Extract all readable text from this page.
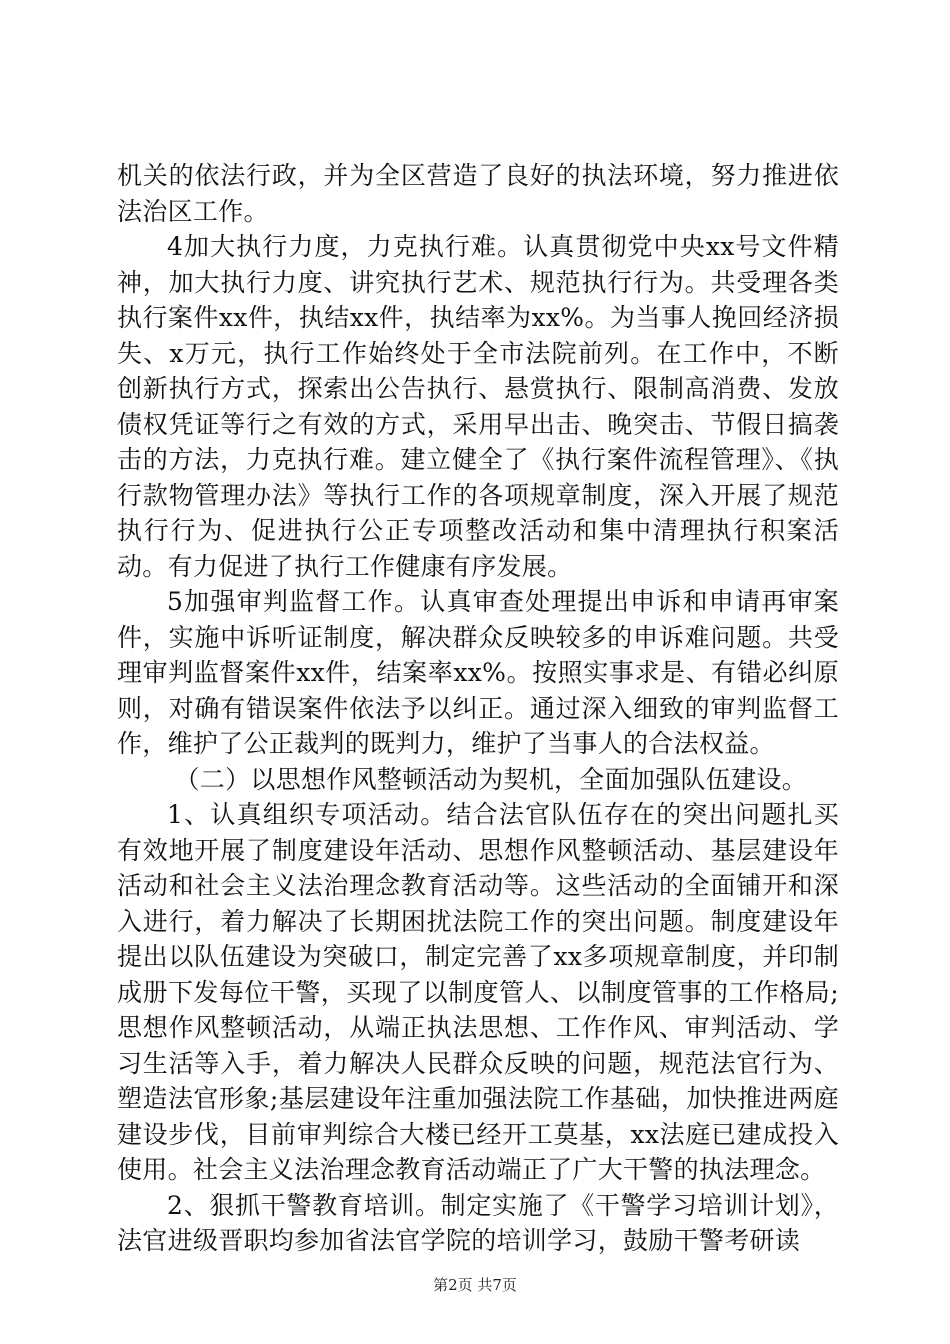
机关的依法行政，并为全区营造了良好的执法环境，努力推进依法治区工作。

4加大执行力度，力克执行难。认真贯彻党中央xx号文件精神，加大执行力度、讲究执行艺术、规范执行行为。共受理各类执行案件xx件，执结xx件，执结率为xx%。为当事人挽回经济损失、x万元，执行工作始终处于全市法院前列。在工作中，不断创新执行方式，探索出公告执行、悬赏执行、限制高消费、发放债权凭证等行之有效的方式，采用早出击、晚突击、节假日搞袭击的方法，力克执行难。建立健全了《执行案件流程管理》、《执行款物管理办法》等执行工作的各项规章制度，深入开展了规范执行行为、促进执行公正专项整改活动和集中清理执行积案活动。有力促进了执行工作健康有序发展。

5加强审判监督工作。认真审查处理提出申诉和申请再审案件，实施中诉听证制度，解决群众反映较多的申诉难问题。共受理审判监督案件xx件，结案率xx%。按照实事求是、有错必纠原则，对确有错误案件依法予以纠正。通过深入细致的审判监督工作，维护了公正裁判的既判力，维护了当事人的合法权益。

（二）以思想作风整顿活动为契机，全面加强队伍建设。

1、认真组织专项活动。结合法官队伍存在的突出问题扎买有效地开展了制度建设年活动、思想作风整顿活动、基层建设年活动和社会主义法治理念教育活动等。这些活动的全面铺开和深入进行，着力解决了长期困扰法院工作的突出问题。制度建设年提出以队伍建设为突破口，制定完善了xx多项规章制度，并印制成册下发每位干警，买现了以制度管人、以制度管事的工作格局;思想作风整顿活动，从端正执法思想、工作作风、审判活动、学习生活等入手，着力解决人民群众反映的问题，规范法官行为、塑造法官形象;基层建设年注重加强法院工作基础，加快推进两庭建设步伐，目前审判综合大楼已经开工莫基，xx法庭已建成投入使用。社会主义法治理念教育活动端正了广大干警的执法理念。

2、狠抓干警教育培训。制定实施了《干警学习培训计划》，法官进级晋职均参加省法官学院的培训学习，鼓励干警考研读

第2页 共7页
